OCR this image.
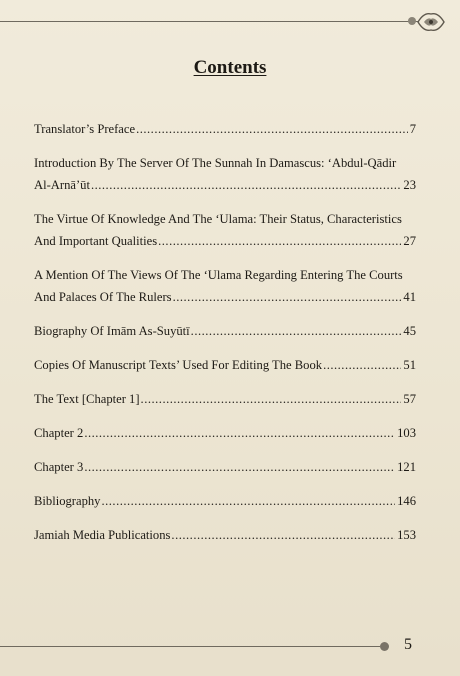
Contents
Translator’s Preface .....	7
Introduction By The Server Of The Sunnah In Damascus: ‘Abdul-Qādir
Al-Arnā’ūt .....	23
The Virtue Of Knowledge And The ‘Ulama: Their Status, Characteristics
And Important Qualities .....	27
A Mention Of The Views Of The ‘Ulama Regarding Entering The Courts
And Palaces Of The Rulers .....	41
Biography Of Imām As-Suyūtī .....	45
Copies Of Manuscript Texts’ Used For Editing The Book .....	51
The Text [Chapter 1] .....	57
Chapter 2 .....	103
Chapter 3 .....	121
Bibliography .....	146
Jamiah Media Publications .....	153
5
